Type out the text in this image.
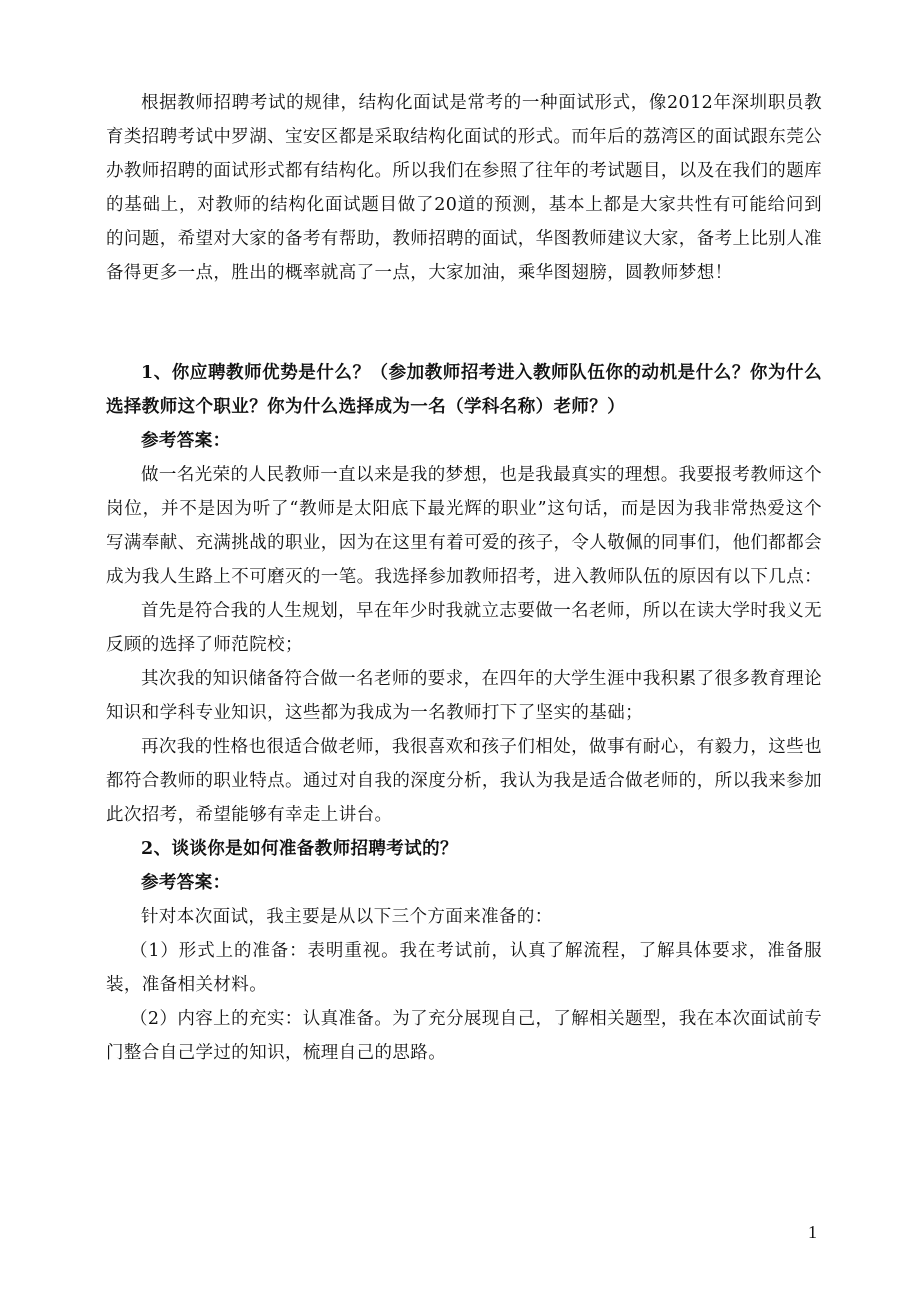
根据教师招聘考试的规律，结构化面试是常考的一种面试形式，像2012年深圳职员教育类招聘考试中罗湖、宝安区都是采取结构化面试的形式。而年后的荔湾区的面试跟东莞公办教师招聘的面试形式都有结构化。所以我们在参照了往年的考试题目，以及在我们的题库的基础上，对教师的结构化面试题目做了20道的预测，基本上都是大家共性有可能给问到的问题，希望对大家的备考有帮助，教师招聘的面试，华图教师建议大家，备考上比别人准备得更多一点，胜出的概率就高了一点，大家加油，乘华图翅膀，圆教师梦想！

1、你应聘教师优势是什么？（参加教师招考进入教师队伍你的动机是什么？你为什么选择教师这个职业？你为什么选择成为一名（学科名称）老师？）

参考答案：

做一名光荣的人民教师一直以来是我的梦想，也是我最真实的理想。我要报考教师这个岗位，并不是因为听了“教师是太阳底下最光辉的职业”这句话，而是因为我非常热爱这个写满奉献、充满挑战的职业，因为在这里有着可爱的孩子，令人敬佩的同事们，他们都都会成为我人生路上不可磨灭的一笔。我选择参加教师招考，进入教师队伍的原因有以下几点：

首先是符合我的人生规划，早在年少时我就立志要做一名老师，所以在读大学时我义无反顾的选择了师范院校；

其次我的知识储备符合做一名老师的要求，在四年的大学生涯中我积累了很多教育理论知识和学科专业知识，这些都为我成为一名教师打下了坚实的基础；

再次我的性格也很适合做老师，我很喜欢和孩子们相处，做事有耐心，有毅力，这些也都符合教师的职业特点。通过对自我的深度分析，我认为我是适合做老师的，所以我来参加此次招考，希望能够有幸走上讲台。

2、谈谈你是如何准备教师招聘考试的？

参考答案：

针对本次面试，我主要是从以下三个方面来准备的：

（1）形式上的准备：表明重视。我在考试前，认真了解流程，了解具体要求，准备服装，准备相关材料。

（2）内容上的充实：认真准备。为了充分展现自己，了解相关题型，我在本次面试前专门整合自己学过的知识，梳理自己的思路。

1
